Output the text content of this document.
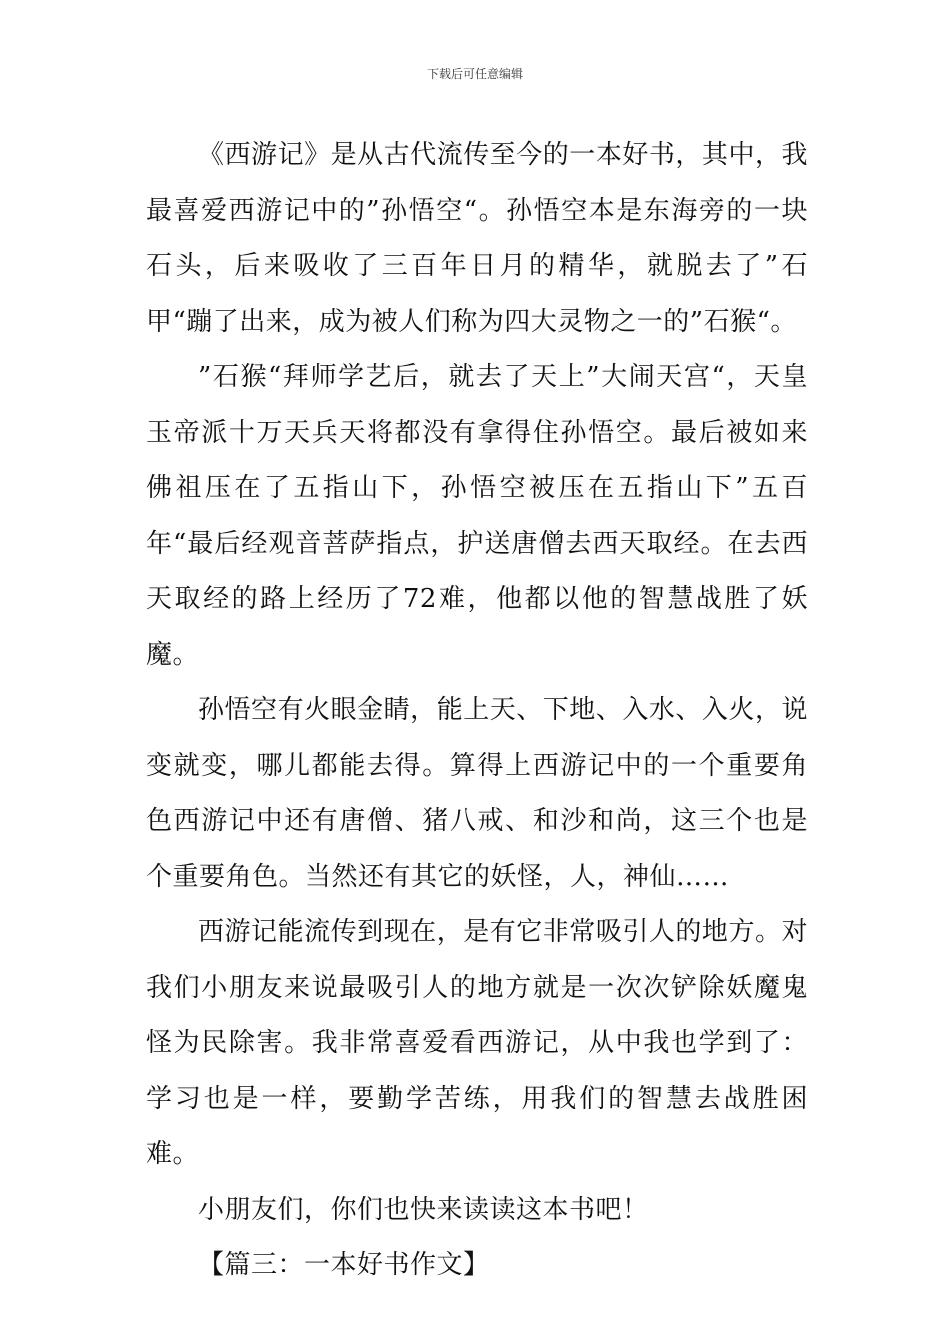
下载后可任意编辑

《西游记》是从古代流传至今的一本好书，其中，我最喜爱西游记中的”孙悟空“。孙悟空本是东海旁的一块石头，后来吸收了三百年日月的精华，就脱去了”石甲“蹦了出来，成为被人们称为四大灵物之一的”石猴“。

”石猴“拜师学艺后，就去了天上”大闹天宫“，天皇玉帝派十万天兵天将都没有拿得住孙悟空。最后被如来佛祖压在了五指山下，孙悟空被压在五指山下”五百年“最后经观音菩萨指点，护送唐僧去西天取经。在去西天取经的路上经历了72难，他都以他的智慧战胜了妖魔。

孙悟空有火眼金睛，能上天、下地、入水、入火，说变就变，哪儿都能去得。算得上西游记中的一个重要角色西游记中还有唐僧、猪八戒、和沙和尚，这三个也是个重要角色。当然还有其它的妖怪，人，神仙……

西游记能流传到现在，是有它非常吸引人的地方。对我们小朋友来说最吸引人的地方就是一次次铲除妖魔鬼怪为民除害。我非常喜爱看西游记，从中我也学到了：学习也是一样，要勤学苦练，用我们的智慧去战胜困难。

小朋友们，你们也快来读读这本书吧！

【篇三：一本好书作文】
